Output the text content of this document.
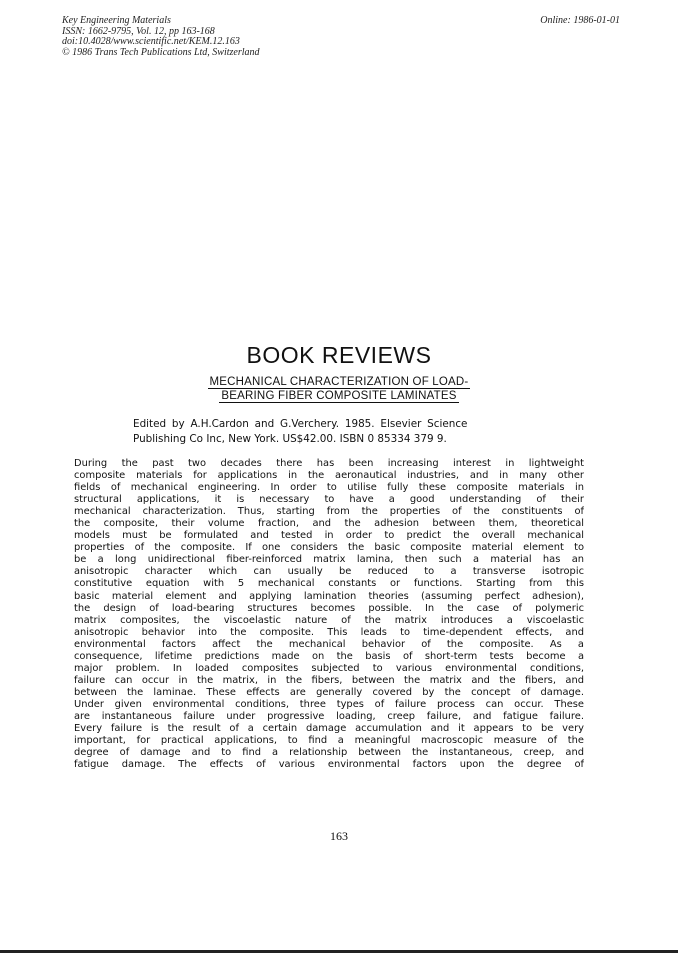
Key Engineering Materials
ISSN: 1662-9795, Vol. 12, pp 163-168
doi:10.4028/www.scientific.net/KEM.12.163
© 1986 Trans Tech Publications Ltd, Switzerland
Online: 1986-01-01
BOOK REVIEWS
MECHANICAL CHARACTERIZATION OF LOAD-
BEARING FIBER COMPOSITE LAMINATES
Edited by A.H.Cardon and G.Verchery. 1985. Elsevier Science
Publishing Co Inc, New York. US$42.00. ISBN 0 85334 379 9.
During the past two decades there has been increasing interest in lightweight
composite materials for applications in the aeronautical industries, and in many other
fields of mechanical engineering. In order to utilise fully these composite materials in
structural applications, it is necessary to have a good understanding of their
mechanical characterization. Thus, starting from the properties of the constituents of
the composite, their volume fraction, and the adhesion between them, theoretical
models must be formulated and tested in order to predict the overall mechanical
properties of the composite. If one considers the basic composite material element to
be a long unidirectional fiber-reinforced matrix lamina, then such a material has an
anisotropic character which can usually be reduced to a transverse isotropic
constitutive equation with 5 mechanical constants or functions. Starting from this
basic material element and applying lamination theories (assuming perfect adhesion),
the design of load-bearing structures becomes possible. In the case of polymeric
matrix composites, the viscoelastic nature of the matrix introduces a viscoelastic
anisotropic behavior into the composite. This leads to time-dependent effects, and
environmental factors affect the mechanical behavior of the composite. As a
consequence, lifetime predictions made on the basis of short-term tests become a
major problem. In loaded composites subjected to various environmental conditions,
failure can occur in the matrix, in the fibers, between the matrix and the fibers, and
between the laminae. These effects are generally covered by the concept of damage.
Under given environmental conditions, three types of failure process can occur. These
are instantaneous failure under progressive loading, creep failure, and fatigue failure.
Every failure is the result of a certain damage accumulation and it appears to be very
important, for practical applications, to find a meaningful macroscopic measure of the
degree of damage and to find a relationship between the instantaneous, creep, and
fatigue damage. The effects of various environmental factors upon the degree of
163
